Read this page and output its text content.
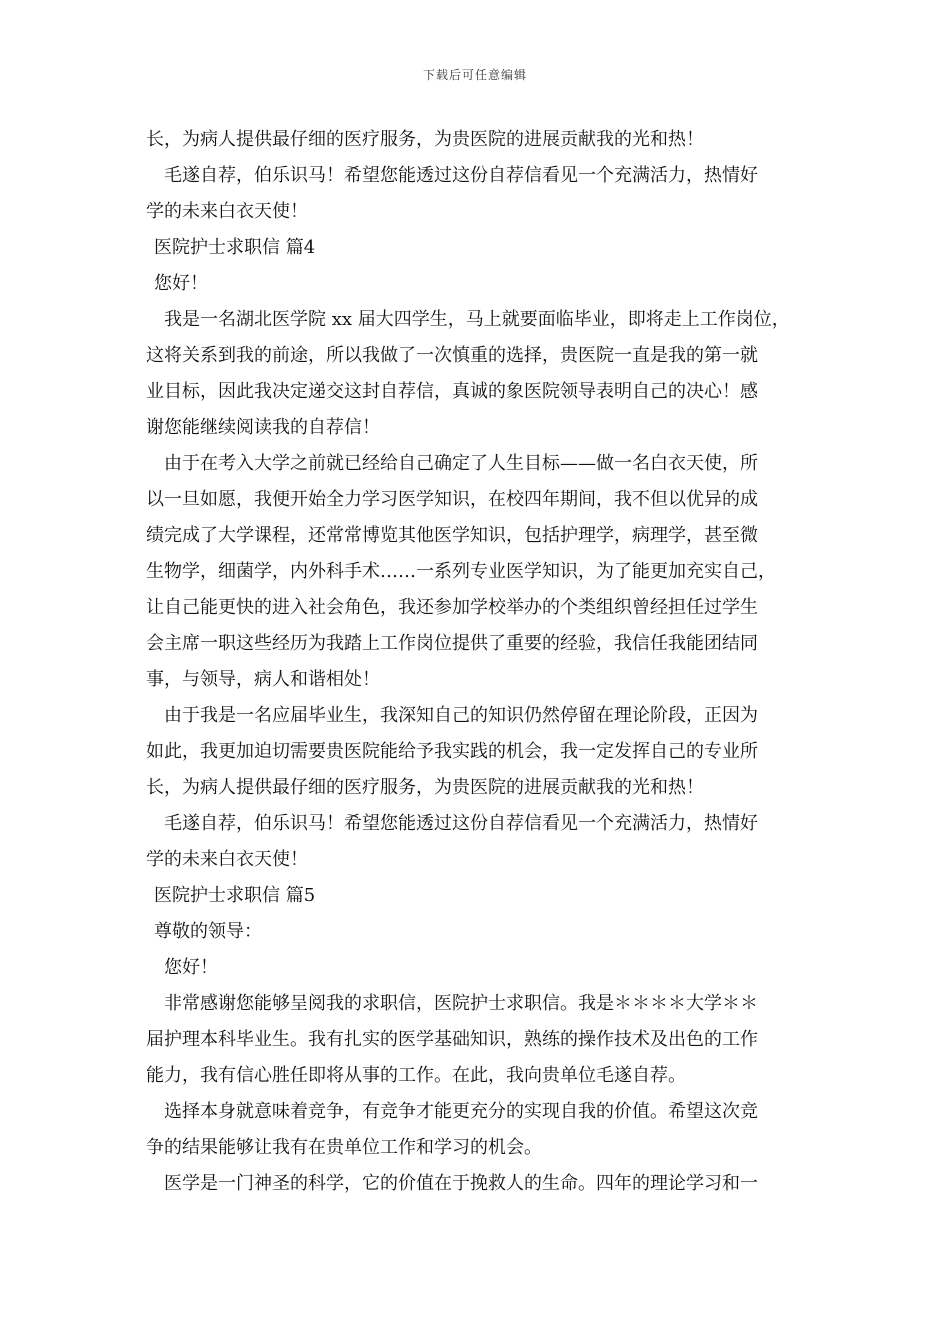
下载后可任意编辑
长，为病人提供最仔细的医疗服务，为贵医院的进展贡献我的光和热！
毛遂自荐，伯乐识马！希望您能透过这份自荐信看见一个充满活力，热情好
学的未来白衣天使！
医院护士求职信 篇4
您好！
我是一名湖北医学院 xx 届大四学生，马上就要面临毕业，即将走上工作岗位，
这将关系到我的前途，所以我做了一次慎重的选择，贵医院一直是我的第一就
业目标，因此我决定递交这封自荐信，真诚的象医院领导表明自己的决心！感
谢您能继续阅读我的自荐信！
由于在考入大学之前就已经给自己确定了人生目标——做一名白衣天使，所
以一旦如愿，我便开始全力学习医学知识，在校四年期间，我不但以优异的成
绩完成了大学课程，还常常博览其他医学知识，包括护理学，病理学，甚至微
生物学，细菌学，内外科手术……一系列专业医学知识，为了能更加充实自己，
让自己能更快的进入社会角色，我还参加学校举办的个类组织曾经担任过学生
会主席一职这些经历为我踏上工作岗位提供了重要的经验，我信任我能团结同
事，与领导，病人和谐相处！
由于我是一名应届毕业生，我深知自己的知识仍然停留在理论阶段，正因为
如此，我更加迫切需要贵医院能给予我实践的机会，我一定发挥自己的专业所
长，为病人提供最仔细的医疗服务，为贵医院的进展贡献我的光和热！
毛遂自荐，伯乐识马！希望您能透过这份自荐信看见一个充满活力，热情好
学的未来白衣天使！
医院护士求职信 篇5
尊敬的领导：
您好！
非常感谢您能够呈阅我的求职信，医院护士求职信。我是＊＊＊＊大学＊＊
届护理本科毕业生。我有扎实的医学基础知识，熟练的操作技术及出色的工作
能力，我有信心胜任即将从事的工作。在此，我向贵单位毛遂自荐。
选择本身就意味着竞争，有竞争才能更充分的实现自我的价值。希望这次竞
争的结果能够让我有在贵单位工作和学习的机会。
医学是一门神圣的科学，它的价值在于挽救人的生命。四年的理论学习和一
